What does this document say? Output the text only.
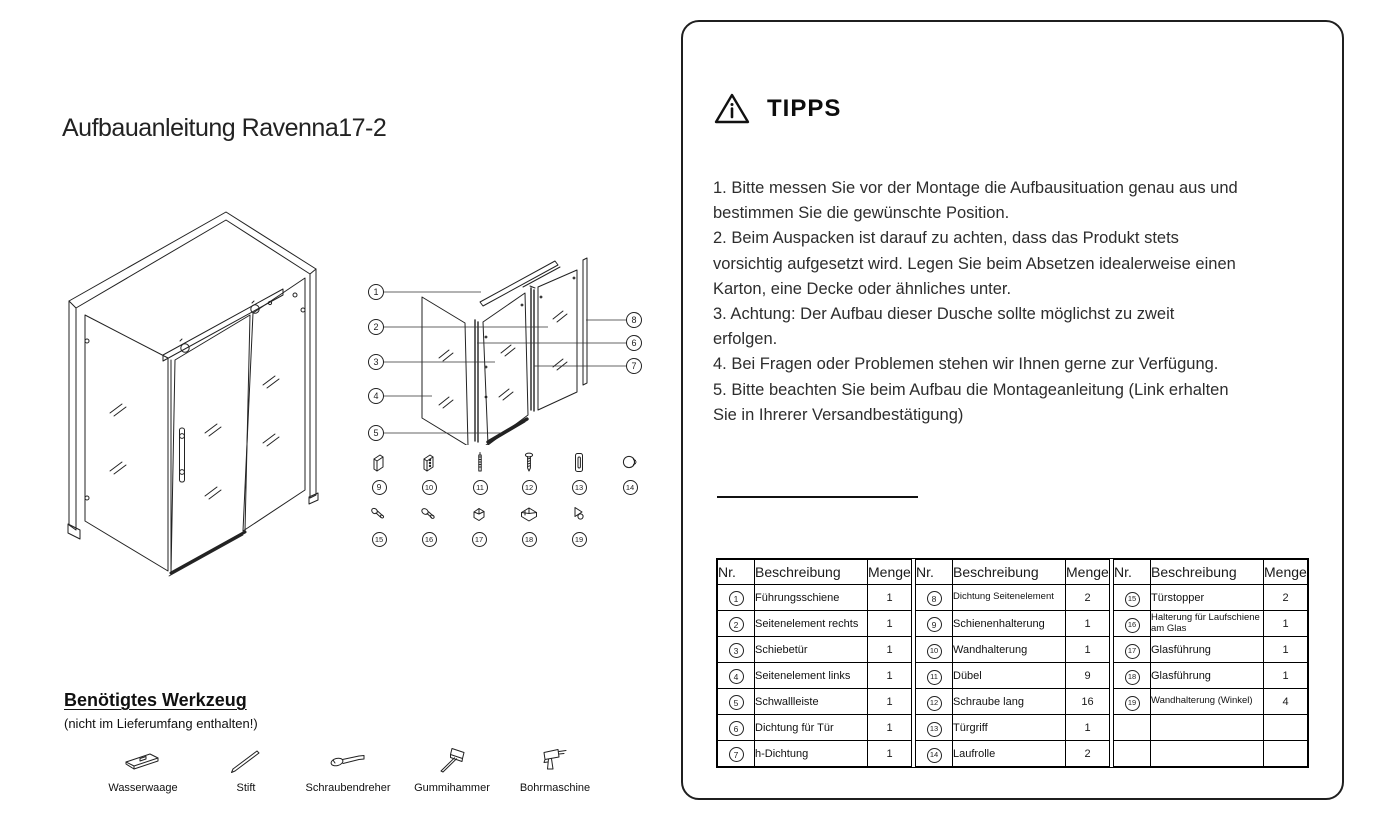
Aufbauanleitung Ravenna17-2
1
2
3
4
5
8
6
7
9	10	11	12	13	14
15	16	17	18	19
Benötigtes Werkzeug
(nicht im Lieferumfang enthalten!)
Wasserwaage	Stift	Schraubendreher Gummihammer	Bohrmaschine
TIPPS
1. Bitte messen Sie vor der Montage die Aufbausituation genau aus und
bestimmen Sie die gewünschte Position.
2. Beim Auspacken ist darauf zu achten, dass das Produkt stets
vorsichtig aufgesetzt wird. Legen Sie beim Absetzen idealerweise einen
Karton, eine Decke oder ähnliches unter.
3. Achtung: Der Aufbau dieser Dusche sollte möglichst zu zweit
erfolgen.
4. Bei Fragen oder Problemen stehen wir Ihnen gerne zur Verfügung.
5. Bitte beachten Sie beim Aufbau die Montageanleitung (Link erhalten
Sie in Ihrerer Versandbestätigung)
Nr.	Beschreibung	Menge
1	Führungsschiene	1
2	Seitenelement rechts	1
3	Schiebetür	1
4	Seitenelement links	1
5	Schwallleiste	1
6	Dichtung für Tür	1
7	h-Dichtung	1
Nr.	Beschreibung	Menge
8	Dichtung Seitenelement	2
9	Schienenhalterung	1
10	Wandhalterung	1
11	Dübel	9
12	Schraube lang	16
13	Türgriff	1
14	Laufrolle	2
Nr.	Beschreibung	Menge
15	Türstopper	2
16	Halterung für Laufschiene am Glas	1
17	Glasführung	1
18	Glasführung	1
19	Wandhalterung (Winkel)	4
